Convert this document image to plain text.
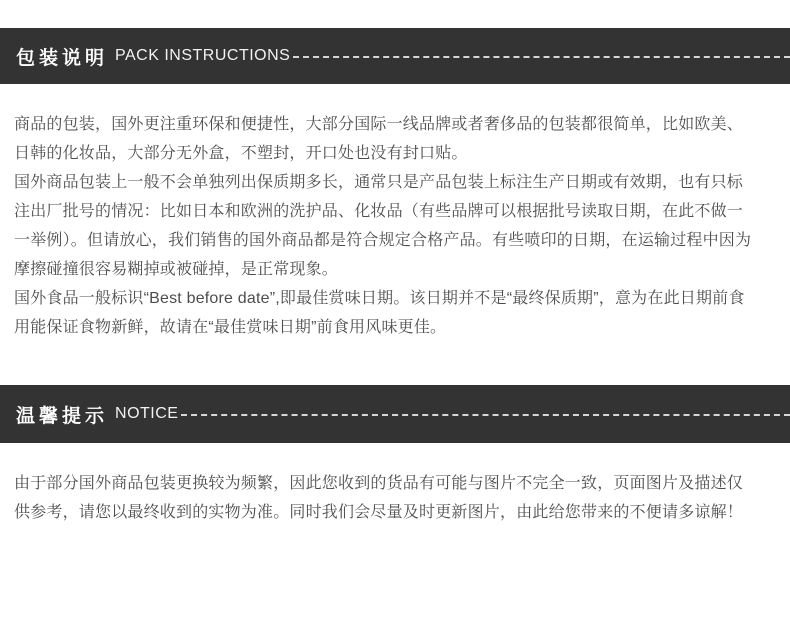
包装说明 PACK INSTRUCTIONS

商品的包装，国外更注重环保和便捷性，大部分国际一线品牌或者奢侈品的包装都很简单，比如欧美、日韩的化妆品，大部分无外盒，不塑封，开口处也没有封口贴。

国外商品包装上一般不会单独列出保质期多长，通常只是产品包装上标注生产日期或有效期，也有只标注出厂批号的情况：比如日本和欧洲的洗护品、化妆品（有些品牌可以根据批号读取日期，在此不做一一举例）。但请放心，我们销售的国外商品都是符合规定合格产品。有些喷印的日期，在运输过程中因为摩擦碰撞很容易糊掉或被碰掉，是正常现象。

国外食品一般标识“Best before date”,即最佳赏味日期。该日期并不是“最终保质期”，意为在此日期前食用能保证食物新鲜，故请在“最佳赏味日期”前食用风味更佳。

温馨提示 NOTICE

由于部分国外商品包装更换较为频繁，因此您收到的货品有可能与图片不完全一致，页面图片及描述仅供参考，请您以最终收到的实物为准。同时我们会尽量及时更新图片，由此给您带来的不便请多谅解！
